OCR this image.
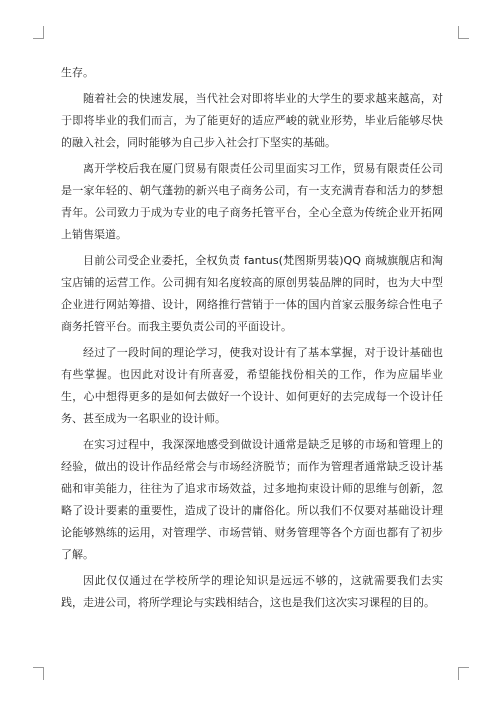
生存。

随着社会的快速发展，当代社会对即将毕业的大学生的要求越来越高，对于即将毕业的我们而言，为了能更好的适应严峻的就业形势，毕业后能够尽快的融入社会，同时能够为自己步入社会打下坚实的基础。

离开学校后我在厦门贸易有限责任公司里面实习工作，贸易有限责任公司是一家年轻的、朝气蓬勃的新兴电子商务公司，有一支充满青春和活力的梦想青年。公司致力于成为专业的电子商务托管平台，全心全意为传统企业开拓网上销售渠道。

目前公司受企业委托，全权负责 fantus(梵图斯男装)QQ 商城旗舰店和淘宝店铺的运营工作。公司拥有知名度较高的原创男装品牌的同时，也为大中型企业进行网站筹措、设计，网络推行营销于一体的国内首家云服务综合性电子商务托管平台。而我主要负责公司的平面设计。

经过了一段时间的理论学习，使我对设计有了基本掌握，对于设计基础也有些掌握。也因此对设计有所喜爱，希望能找份相关的工作，作为应届毕业生，心中想得更多的是如何去做好一个设计、如何更好的去完成每一个设计任务、甚至成为一名职业的设计师。

在实习过程中，我深深地感受到做设计通常是缺乏足够的市场和管理上的经验，做出的设计作品经常会与市场经济脱节；而作为管理者通常缺乏设计基础和审美能力，往往为了追求市场效益，过多地拘束设计师的思维与创新，忽略了设计要素的重要性，造成了设计的庸俗化。所以我们不仅要对基础设计理论能够熟练的运用，对管理学、市场营销、财务管理等各个方面也都有了初步了解。

因此仅仅通过在学校所学的理论知识是远远不够的，这就需要我们去实践，走进公司，将所学理论与实践相结合，这也是我们这次实习课程的目的。
